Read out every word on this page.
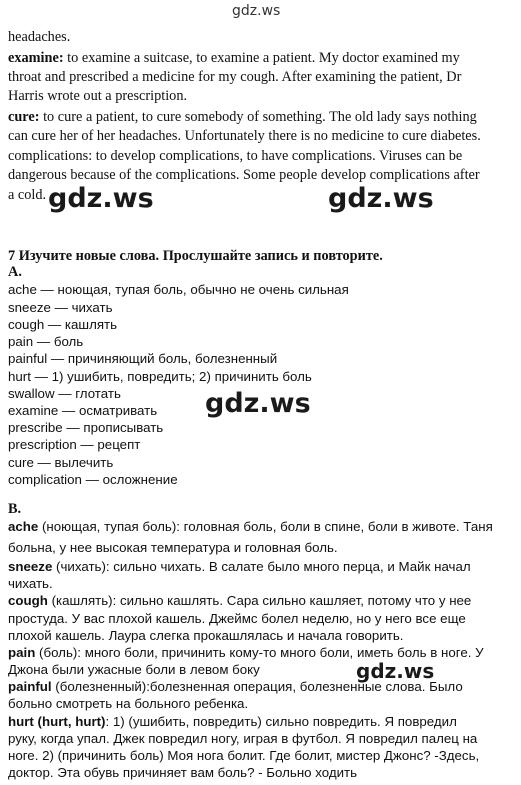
gdz.ws
gdz.ws	gdz.ws
gdz.ws
gdz.ws
headaches.
examine: to examine a suitcase, to examine a patient. My doctor examined my
throat and prescribed a medicine for my cough. After examining the patient, Dr
Harris wrote out a prescription.
cure: to cure a patient, to cure somebody of something. The old lady says nothing
can cure her of her headaches. Unfortunately there is no medicine to cure diabetes.
complications: to develop complications, to have complications. Viruses can be
dangerous because of the complications. Some people develop complications after
a cold.
7 Изучите новые слова. Прослушайте запись и повторите.
A.
ache — ноющая, тупая боль, обычно не очень сильная
sneeze — чихать
cough — кашлять
pain — боль
painful — причиняющий боль, болезненный
hurt — 1) ушибить, повредить; 2) причинить боль
swallow — глотать
examine — осматривать
prescribe — прописывать
prescription — рецепт
cure — вылечить
complication — осложнение
B.
ache (ноющая, тупая боль): головная боль, боли в спине, боли в животе. Таня
больна, у нее высокая температура и головная боль.
sneeze (чихать): сильно чихать. В салате было много перца, и Майк начал
чихать.
cough (кашлять): сильно кашлять. Сара сильно кашляет, потому что у нее
простуда. У вас плохой кашель. Джеймс болел неделю, но у него все еще
плохой кашель. Лаура слегка прокашлялась и начала говорить.
pain (боль): много боли, причинить кому-то много боли, иметь боль в ноге. У
Джона были ужасные боли в левом боку
painful (болезненный):болезненная операция, болезненные слова. Было
больно смотреть на больного ребенка.
hurt (hurt, hurt): 1) (ушибить, повредить) сильно повредить. Я повредил
руку, когда упал. Джек повредил ногу, играя в футбол. Я повредил палец на
ноге. 2) (причинить боль) Моя нога болит. Где болит, мистер Джонс? -Здесь,
доктор. Эта обувь причиняет вам боль? - Больно ходить
